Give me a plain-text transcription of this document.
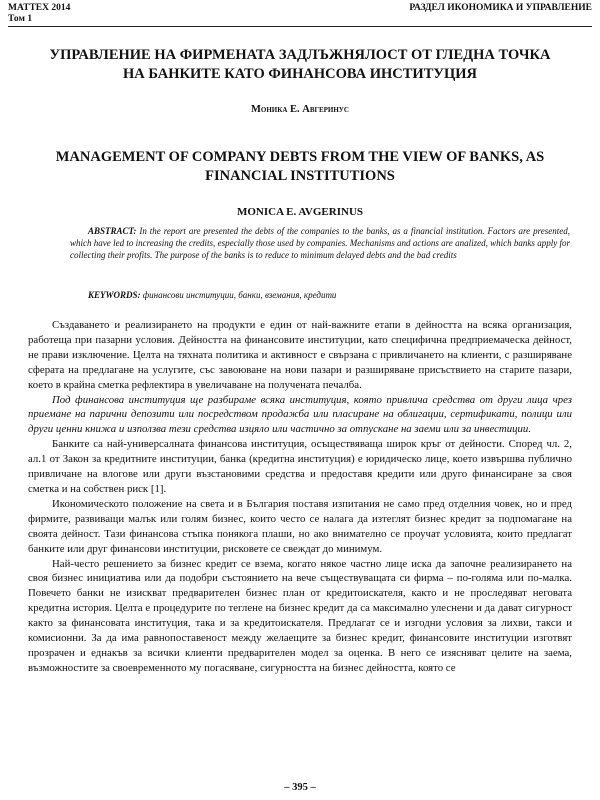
MATTEX 2014
Том 1
РАЗДЕЛ ИКОНОМИКА И УПРАВЛЕНИЕ
УПРАВЛЕНИЕ НА ФИРМЕНАТА ЗАДЛЪЖНЯЛОСТ ОТ ГЛЕДНА ТОЧКА НА БАНКИТЕ КАТО ФИНАНСОВА ИНСТИТУЦИЯ
Моника Е. Авгеринус
MANAGEMENT OF COMPANY DEBTS FROM THE VIEW OF BANKS, AS FINANCIAL INSTITUTIONS
MONICA E. AVGERINUS
ABSTRACT: In the report are presented the debts of the companies to the banks, as a financial institution. Factors are presented, which have led to increasing the credits, especially those used by companies. Mechanisms and actions are analized, which banks apply for collecting their profits. The purpose of the banks is to reduce to minimum delayed debts and the bad credits
KEYWORDS: финансови институции, банки, вземания, кредити

Създаването и реализирането на продукти е един от най-важните етапи в дейността на всяка организация, работеща при пазарни условия. Дейността на финансовите институции, като специфична предприемаческа дейност, не прави изключение. Целта на тяхната политика и активност е свързана с привличането на клиенти, с разширяване сферата на предлагане на услугите, със завоюване на нови пазари и разширяване присъствието на старите пазари, което в крайна сметка рефлектира в увеличаване на получената печалба.

Под финансова институция ще разбираме всяка институция, която привлича средства от други лица чрез приемане на парични депозити или посредством продажба или пласиране на облигации, сертификати, полици или други ценни книжа и използва тези средства изцяло или частично за отпускане на заеми или за инвестиции.

Банките са най-универсалната финансова институция, осъществяваща широк кръг от дейности. Според чл. 2, ал.1 от Закон за кредитните институции, банка (кредитна институция) е юридическо лице, което извършва публично привличане на влогове или други възстановими средства и предоставя кредити или друго финансиране за своя сметка и на собствен риск [1].

Икономическото положение на света и в България поставя изпитания не само пред отделния човек, но и пред фирмите, развиващи малък или голям бизнес, които често се налага да изтеглят бизнес кредит за подпомагане на своята дейност. Тази финансова стъпка понякога плаши, но ако внимателно се проучат условията, които предлагат банките или друг финансови институции, рисковете се свеждат до минимум.

Най-често решението за бизнес кредит се взема, когато някое частно лице иска да започне реализирането на своя бизнес инициатива или да подобри състоянието на вече съществуващата си фирма – по-голяма или по-малка. Повечето банки не изискват предварителен бизнес план от кредитоискателя, както и не проследяват неговата кредитна история. Целта е процедурите по теглене на бизнес кредит да са максимално улеснени и да дават сигурност както за финансовата институция, така и за кредитоискателя. Предлагат се и изгодни условия за лихви, такси и комисионни. За да има равнопоставеност между желаещите за бизнес кредит, финансовите институции изготвят прозрачен и еднакъв за всички клиенти предварителен модел за оценка. В него се изясняват целите на заема, възможностите за своевременното му погасяване, сигурността на бизнес дейността, която се

– 395 –
